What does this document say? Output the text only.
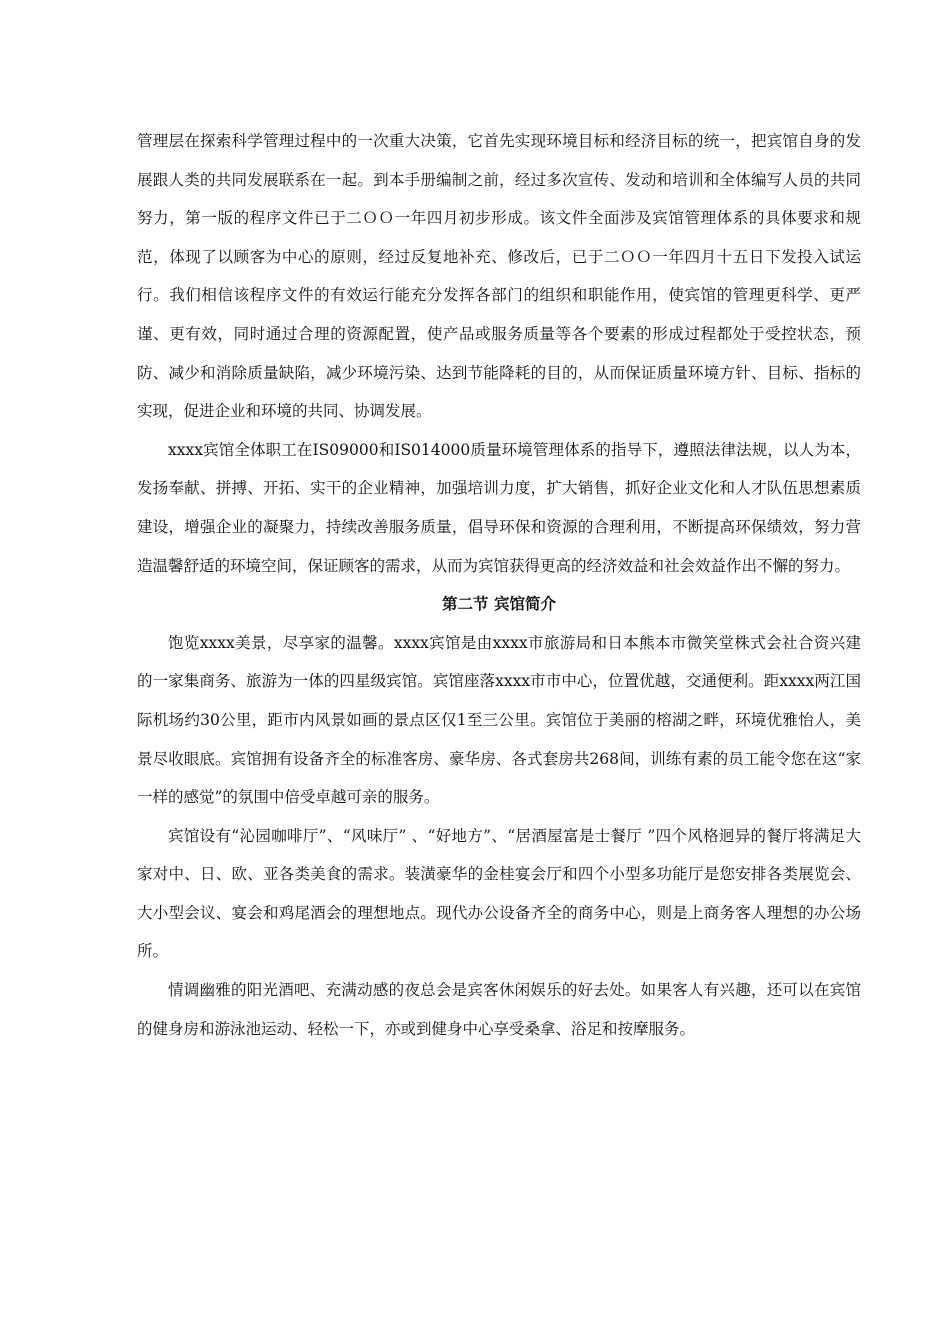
管理层在探索科学管理过程中的一次重大决策，它首先实现环境目标和经济目标的统一，把宾馆自身的发展跟人类的共同发展联系在一起。到本手册编制之前，经过多次宣传、发动和培训和全体编写人员的共同努力，第一版的程序文件已于二ＯＯ一年四月初步形成。该文件全面涉及宾馆管理体系的具体要求和规范，体现了以顾客为中心的原则，经过反复地补充、修改后，已于二ＯＯ一年四月十五日下发投入试运行。我们相信该程序文件的有效运行能充分发挥各部门的组织和职能作用，使宾馆的管理更科学、更严谨、更有效，同时通过合理的资源配置，使产品或服务质量等各个要素的形成过程都处于受控状态，预防、减少和消除质量缺陷，减少环境污染、达到节能降耗的目的，从而保证质量环境方针、目标、指标的实现，促进企业和环境的共同、协调发展。

xxxx宾馆全体职工在IS09000和IS014000质量环境管理体系的指导下，遵照法律法规，以人为本，发扬奉献、拼搏、开拓、实干的企业精神，加强培训力度，扩大销售，抓好企业文化和人才队伍思想素质建设，增强企业的凝聚力，持续改善服务质量，倡导环保和资源的合理利用，不断提高环保绩效，努力营造温馨舒适的环境空间，保证顾客的需求，从而为宾馆获得更高的经济效益和社会效益作出不懈的努力。

第二节 宾馆简介

饱览xxxx美景，尽享家的温馨。xxxx宾馆是由xxxx市旅游局和日本熊本市微笑堂株式会社合资兴建的一家集商务、旅游为一体的四星级宾馆。宾馆座落xxxx市市中心，位置优越，交通便利。距xxxx两江国际机场约30公里，距市内风景如画的景点区仅1至三公里。宾馆位于美丽的榕湖之畔，环境优雅怡人，美景尽收眼底。宾馆拥有设备齐全的标准客房、豪华房、各式套房共268间，训练有素的员工能令您在这“家一样的感觉”的氛围中倍受卓越可亲的服务。

宾馆设有“沁园咖啡厅”、“风味厅” 、“好地方”、“居酒屋富是士餐厅 ”四个风格迥异的餐厅将满足大家对中、日、欧、亚各类美食的需求。装潢豪华的金桂宴会厅和四个小型多功能厅是您安排各类展览会、大小型会议、宴会和鸡尾酒会的理想地点。现代办公设备齐全的商务中心，则是上商务客人理想的办公场所。

情调幽雅的阳光酒吧、充满动感的夜总会是宾客休闲娱乐的好去处。如果客人有兴趣，还可以在宾馆的健身房和游泳池运动、轻松一下，亦或到健身中心享受桑拿、浴足和按摩服务。
